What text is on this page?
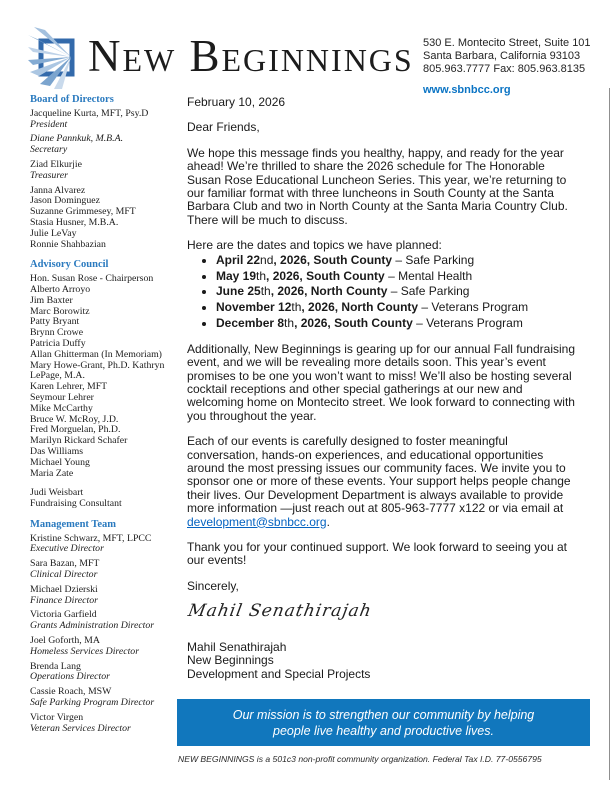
New Beginnings 530 E. Montecito Street, Suite 101
Santa Barbara, California 93103
805.963.7777 Fax: 805.963.8135
www.sbnbcc.org
Board of Directors
Jacqueline Kurta, MFT, Psy.D
President
Diane Pannkuk, M.B.A.
Secretary
Ziad Elkurjie
Treasurer
Janna Alvarez
Jason Dominguez
Suzanne Grimmesey, MFT
Stasia Husner, M.B.A.
Julie LeVay
Ronnie Shahbazian
Advisory Council
Hon. Susan Rose - Chairperson
Alberto Arroyo
Jim Baxter
Marc Borowitz
Patty Bryant
Brynn Crowe
Patricia Duffy
Allan Ghitterman (In Memoriam) Mary Howe-Grant, Ph.D. Kathryn LePage, M.A.
Karen Lehrer, MFT
Seymour Lehrer
Mike McCarthy
Bruce W. McRoy, J.D.
Fred Morguelan, Ph.D.
Marilyn Rickard Schafer
Das Williams
Michael Young
Maria Zate
Judi Weisbart
Fundraising Consultant
Management Team
Kristine Schwarz, MFT, LPCC
Executive Director
Sara Bazan, MFT
Clinical Director
Michael Dzierski
Finance Director
Victoria Garfield
Grants Administration Director
Joel Goforth, MA
Homeless Services Director
Brenda Lang
Operations Director
Cassie Roach, MSW
Safe Parking Program Director
Victor Virgen
Veteran Services Director

February 10, 2026

Dear Friends,

We hope this message finds you healthy, happy, and ready for the year ahead! We’re thrilled to share the 2026 schedule for The Honorable Susan Rose Educational Luncheon Series. This year, we’re returning to our familiar format with three luncheons in South County at the Santa Barbara Club and two in North County at the Santa Maria Country Club. There will be much to discuss.

Here are the dates and topics we have planned:

• April 22nd, 2026, South County – Safe Parking
• May 19th, 2026, South County – Mental Health
• June 25th, 2026, North County – Safe Parking
• November 12th, 2026, North County – Veterans Program
• December 8th, 2026, South County – Veterans Program

Additionally, New Beginnings is gearing up for our annual Fall fundraising event, and we will be revealing more details soon. This year’s event promises to be one you won’t want to miss! We’ll also be hosting several cocktail receptions and other special gatherings at our new and welcoming home on Montecito street. We look forward to connecting with you throughout the year.

Each of our events is carefully designed to foster meaningful conversation, hands-on experiences, and educational opportunities around the most pressing issues our community faces. We invite you to sponsor one or more of these events. Your support helps people change their lives. Our Development Department is always available to provide more information —just reach out at 805-963-7777 x122 or via email at development@sbnbcc.org.

Thank you for your continued support. We look forward to seeing you at our events!

Sincerely,

Mahil Senathirajah
Mahil Senathirajah
New Beginnings
Development and Special Projects
Our mission is to strengthen our community by helping people live healthy and productive lives.
NEW BEGINNINGS is a 501c3 non-profit community organization. Federal Tax I.D. 77-0556795
